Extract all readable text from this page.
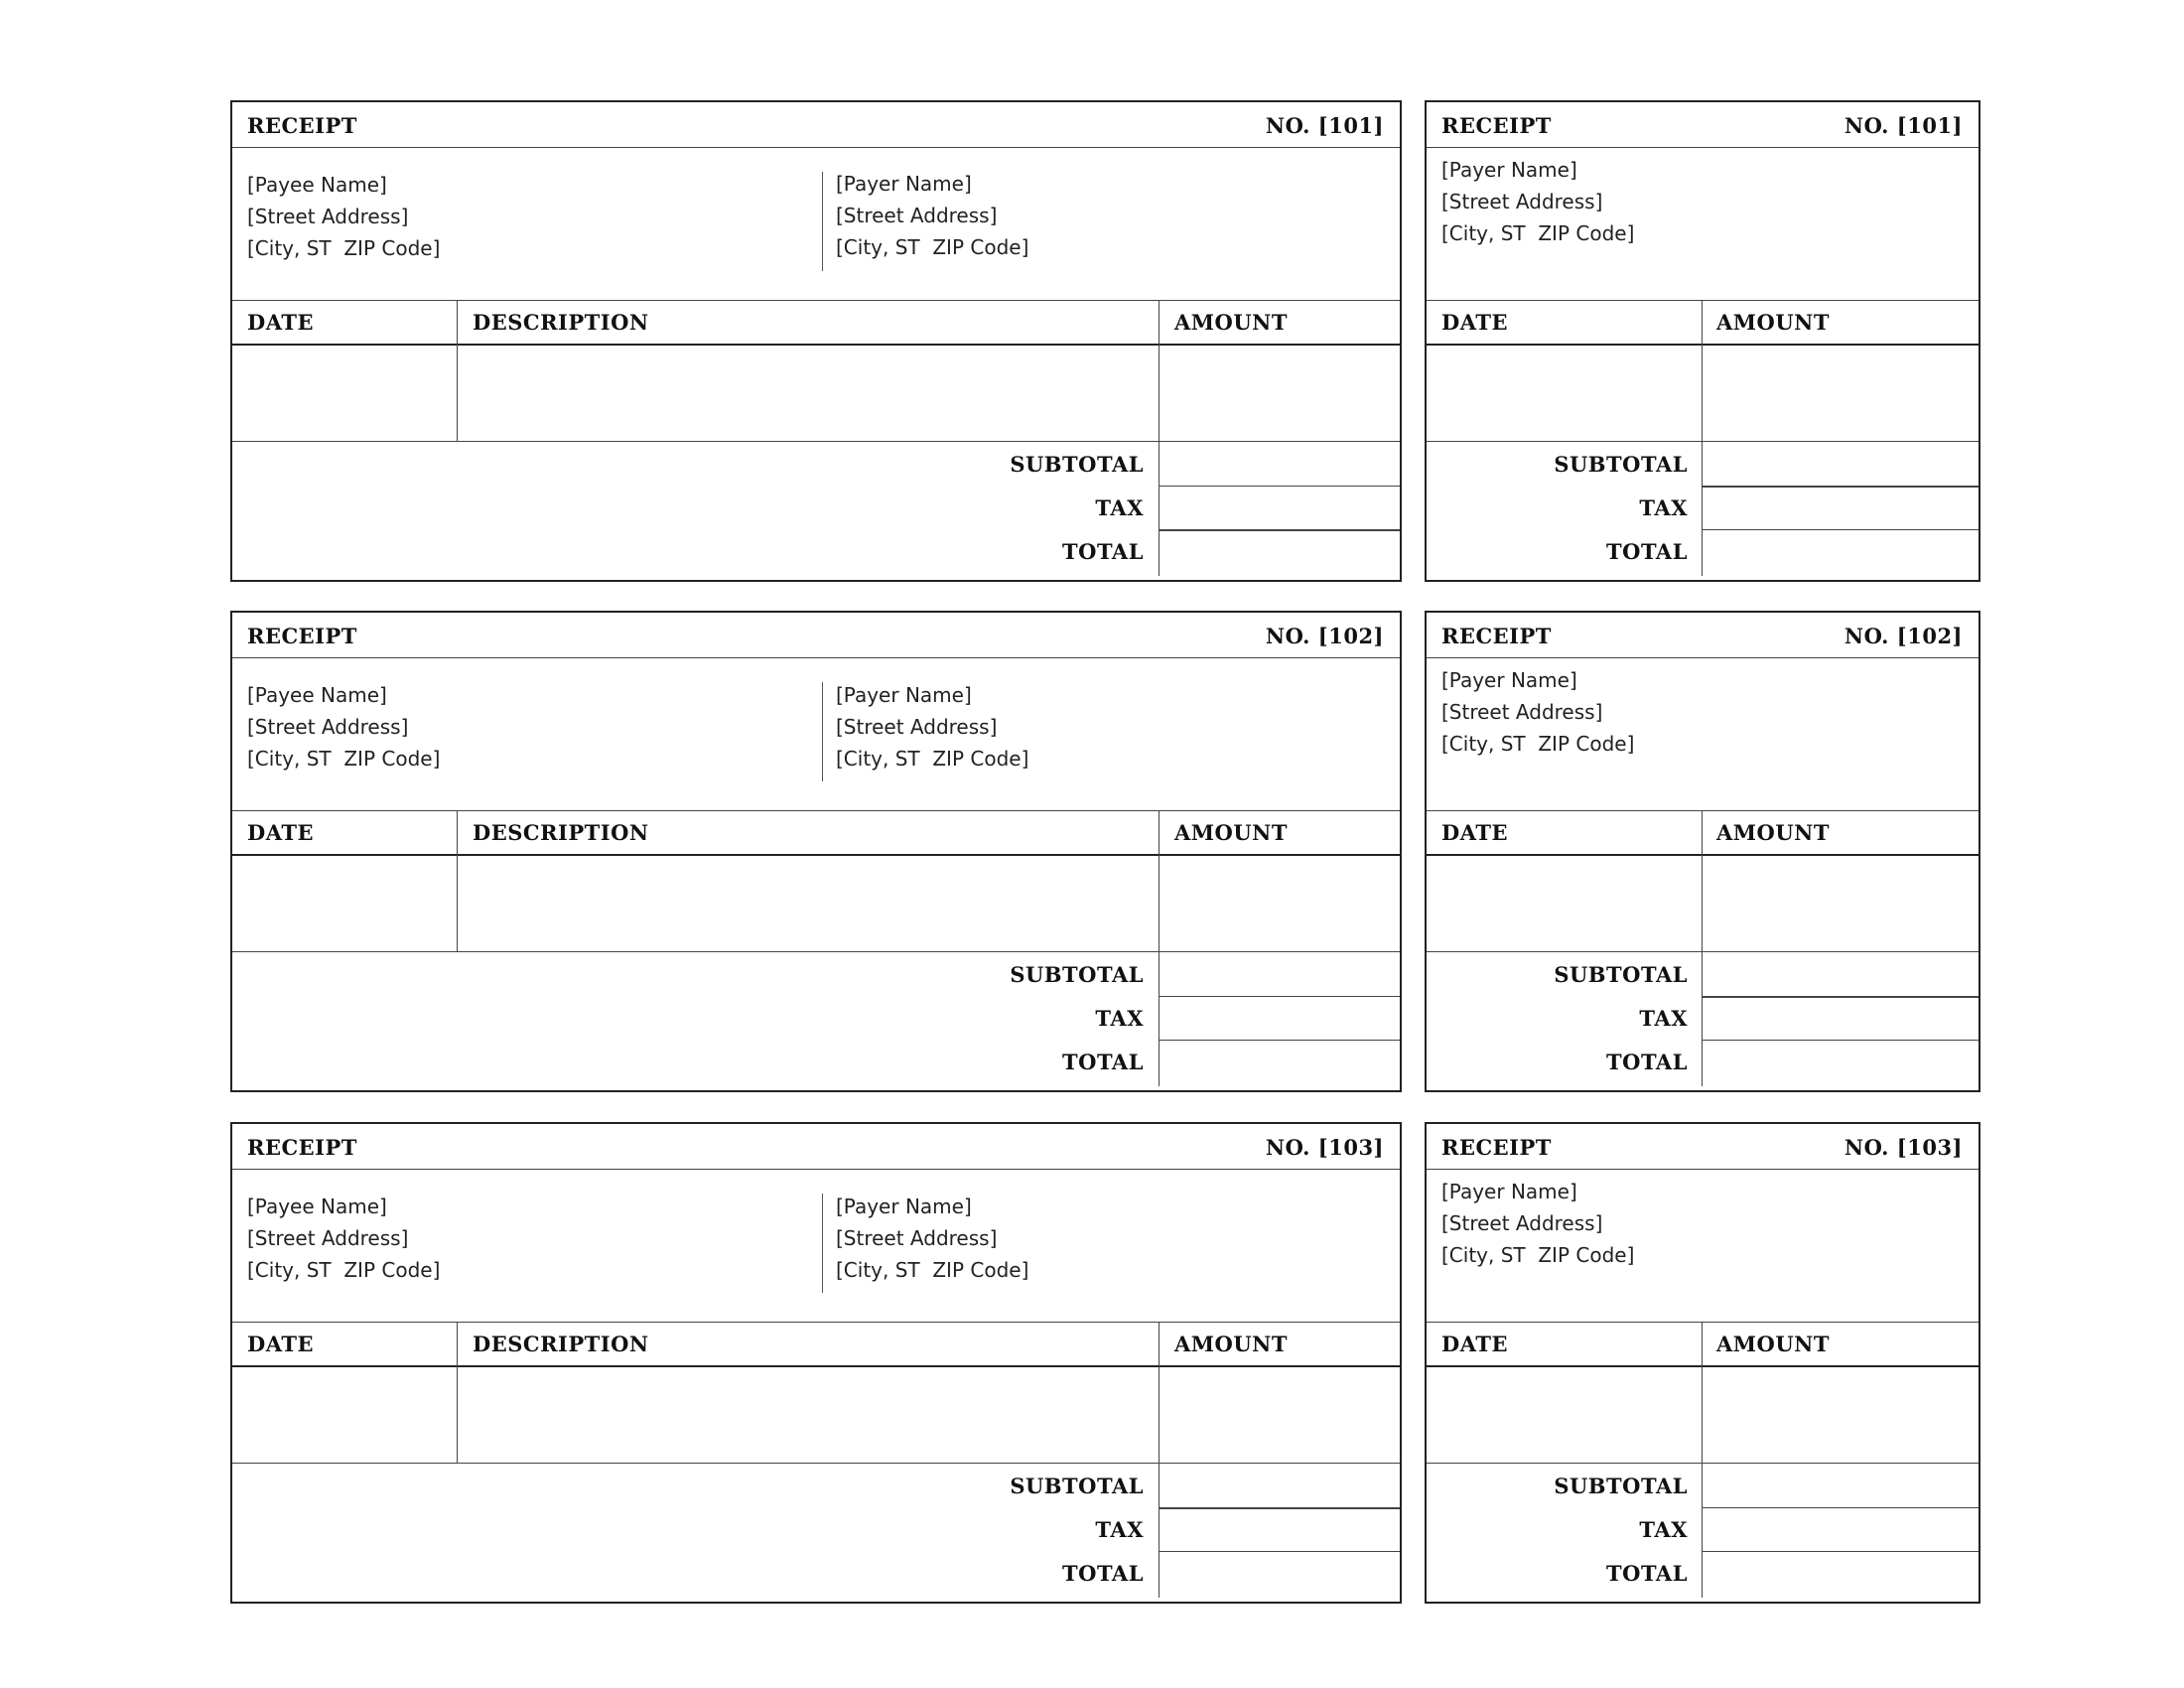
RECEIPT	NO. [101]
[Payee Name]
[Street Address]
[City, ST  ZIP Code]
[Payer Name]
[Street Address]
[City, ST  ZIP Code]
DATE	DESCRIPTION	AMOUNT
SUBTOTAL
TAX
TOTAL
RECEIPT	NO. [101]
[Payer Name]
[Street Address]
[City, ST  ZIP Code]
DATE	AMOUNT
SUBTOTAL
TAX
TOTAL
RECEIPT	NO. [102]
[Payee Name]
[Street Address]
[City, ST  ZIP Code]
[Payer Name]
[Street Address]
[City, ST  ZIP Code]
DATE	DESCRIPTION	AMOUNT
SUBTOTAL
TAX
TOTAL
RECEIPT	NO. [102]
[Payer Name]
[Street Address]
[City, ST  ZIP Code]
DATE	AMOUNT
SUBTOTAL
TAX
TOTAL
RECEIPT	NO. [103]
[Payee Name]
[Street Address]
[City, ST  ZIP Code]
[Payer Name]
[Street Address]
[City, ST  ZIP Code]
DATE	DESCRIPTION	AMOUNT
SUBTOTAL
TAX
TOTAL
RECEIPT	NO. [103]
[Payer Name]
[Street Address]
[City, ST  ZIP Code]
DATE	AMOUNT
SUBTOTAL
TAX
TOTAL
